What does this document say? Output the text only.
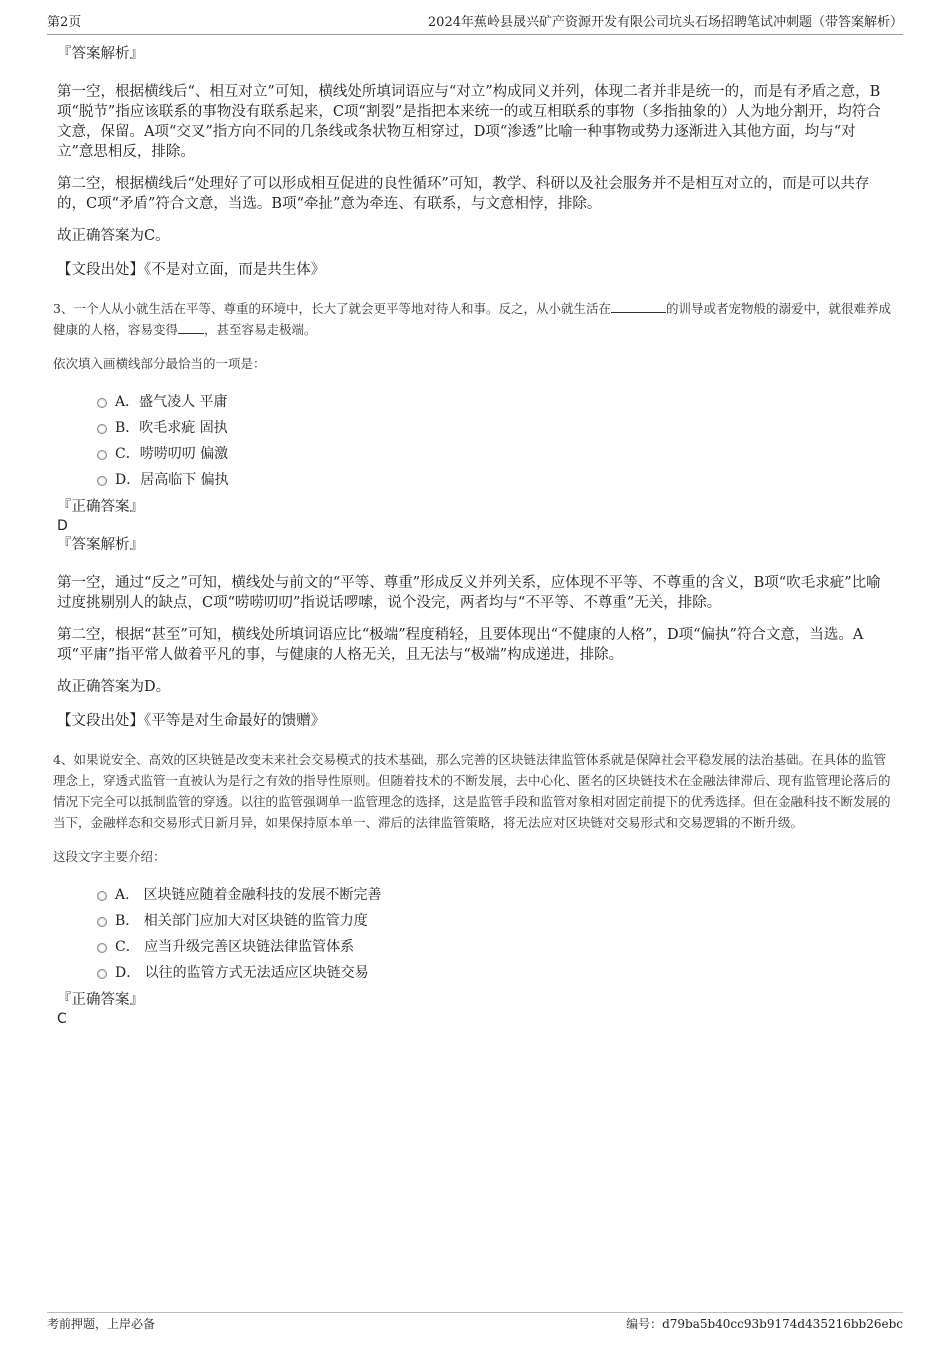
第2页	2024年蕉岭县晟兴矿产资源开发有限公司坑头石场招聘笔试冲刺题（带答案解析）

『答案解析』

第一空，根据横线后“、相互对立”可知，横线处所填词语应与“对立”构成同义并列，体现二者并非是统一的，而是有矛盾之意，B项“脱节”指应该联系的事物没有联系起来，C项“割裂”是指把本来统一的或互相联系的事物（多指抽象的）人为地分割开，均符合文意，保留。A项“交叉”指方向不同的几条线或条状物互相穿过，D项“渗透”比喻一种事物或势力逐渐进入其他方面，均与“对立”意思相反，排除。

第二空，根据横线后“处理好了可以形成相互促进的良性循环”可知，教学、科研以及社会服务并不是相互对立的，而是可以共存的，C项“矛盾”符合文意，当选。B项“牵扯”意为牵连、有联系，与文意相悖，排除。

故正确答案为C。

【文段出处】《不是对立面，而是共生体》

3、一个人从小就生活在平等、尊重的环境中，长大了就会更平等地对待人和事。反之，从小就生活在	的训导或者宠物般的溺爱中，就很难养成健康的人格，容易变得 ，甚至容易走极端。

依次填入画横线部分最恰当的一项是：

A．盛气凌人 平庸
B．吹毛求疵 固执
C．唠唠叨叨 偏激
D．居高临下 偏执

『正确答案』

D

『答案解析』

第一空，通过“反之”可知，横线处与前文的“平等、尊重”形成反义并列关系，应体现不平等、不尊重的含义，B项“吹毛求疵”比喻过度挑剔别人的缺点，C项“唠唠叨叨”指说话啰嗦，说个没完，两者均与“不平等、不尊重”无关，排除。

第二空，根据“甚至”可知，横线处所填词语应比“极端”程度稍轻，且要体现出“不健康的人格”，D项“偏执”符合文意，当选。A项“平庸”指平常人做着平凡的事，与健康的人格无关，且无法与“极端”构成递进，排除。

故正确答案为D。

【文段出处】《平等是对生命最好的馈赠》

4、如果说安全、高效的区块链是改变未来社会交易模式的技术基础，那么完善的区块链法律监管体系就是保障社会平稳发展的法治基础。在具体的监管理念上，穿透式监管一直被认为是行之有效的指导性原则。但随着技术的不断发展，去中心化、匿名的区块链技术在金融法律滞后、现有监管理论落后的情况下完全可以抵制监管的穿透。以往的监管强调单一监管理念的选择，这是监管手段和监管对象相对固定前提下的优秀选择。但在金融科技不断发展的当下，金融样态和交易形式日新月异，如果保持原本单一、滞后的法律监管策略，将无法应对区块链对交易形式和交易逻辑的不断升级。

这段文字主要介绍：

A． 区块链应随着金融科技的发展不断完善
B． 相关部门应加大对区块链的监管力度
C． 应当升级完善区块链法律监管体系
D． 以往的监管方式无法适应区块链交易

『正确答案』

C

考前押题，上岸必备	编号：d79ba5b40cc93b9174d435216bb26ebc
